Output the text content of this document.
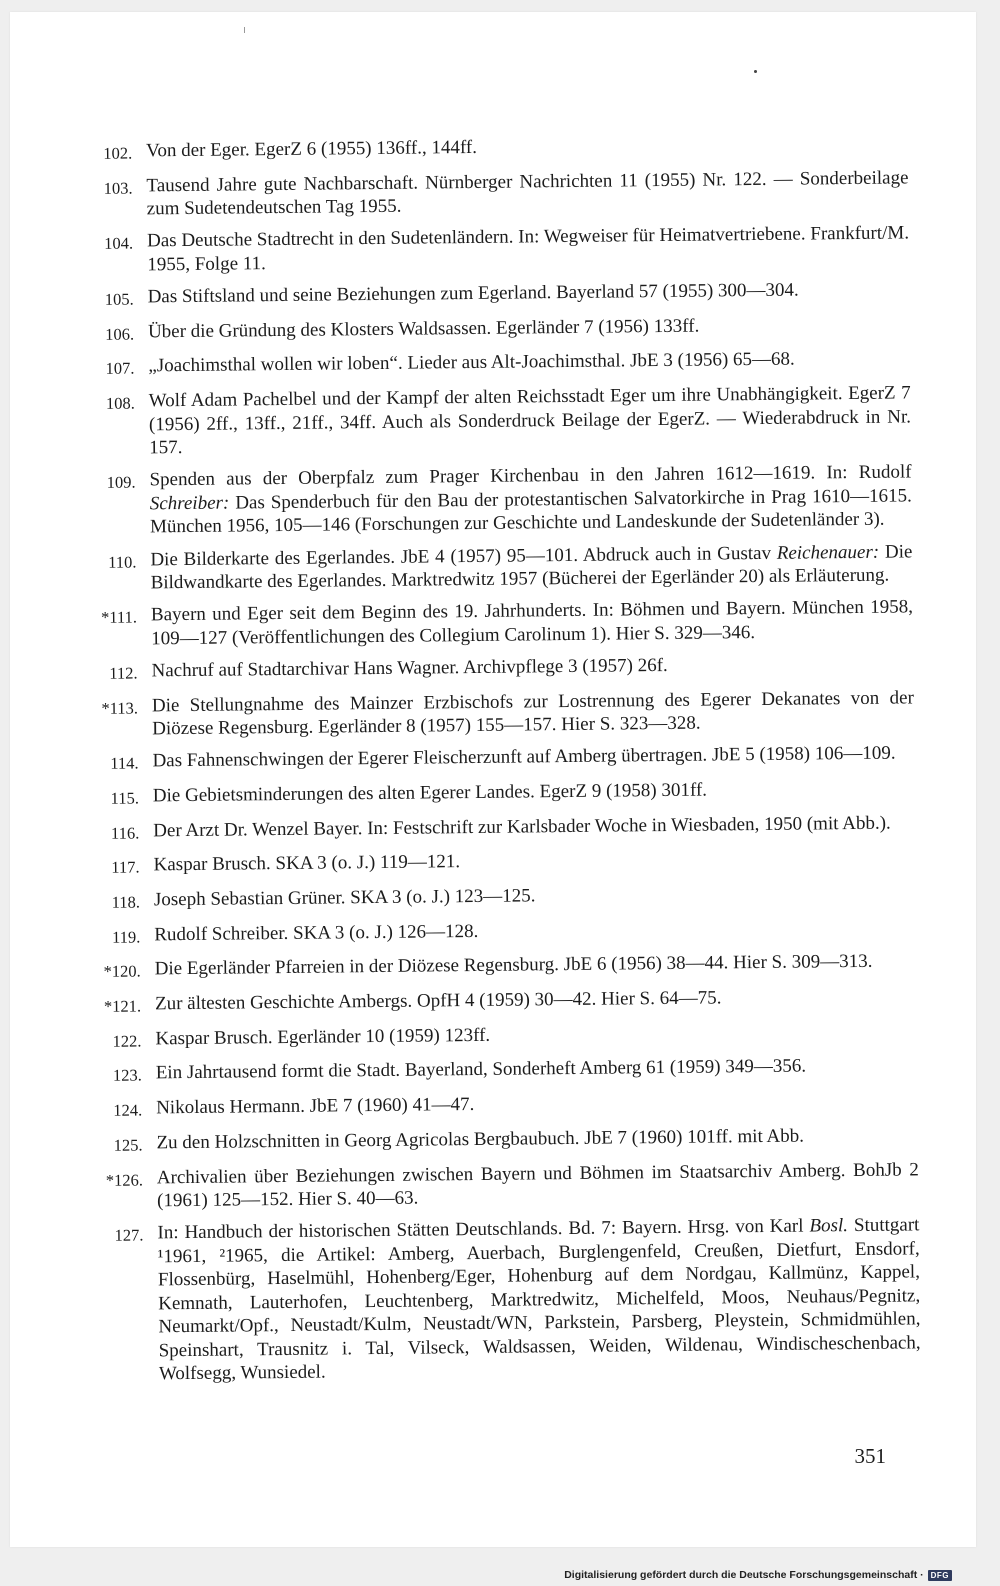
102. Von der Eger. EgerZ 6 (1955) 136ff., 144ff.
103. Tausend Jahre gute Nachbarschaft. Nürnberger Nachrichten 11 (1955) Nr. 122. — Sonderbeilage zum Sudetendeutschen Tag 1955.
104. Das Deutsche Stadtrecht in den Sudetenländern. In: Wegweiser für Heimatvertriebene. Frankfurt/M. 1955, Folge 11.
105. Das Stiftsland und seine Beziehungen zum Egerland. Bayerland 57 (1955) 300—304.
106. Über die Gründung des Klosters Waldsassen. Egerländer 7 (1956) 133ff.
107. „Joachimsthal wollen wir loben“. Lieder aus Alt-Joachimsthal. JbE 3 (1956) 65—68.
108. Wolf Adam Pachelbel und der Kampf der alten Reichsstadt Eger um ihre Unabhängigkeit. EgerZ 7 (1956) 2ff., 13ff., 21ff., 34ff. Auch als Sonderdruck Beilage der EgerZ. — Wiederabdruck in Nr. 157.
109. Spenden aus der Oberpfalz zum Prager Kirchenbau in den Jahren 1612—1619. In: Rudolf Schreiber: Das Spenderbuch für den Bau der protestantischen Salvatorkirche in Prag 1610—1615. München 1956, 105—146 (Forschungen zur Geschichte und Landeskunde der Sudetenländer 3).
110. Die Bilderkarte des Egerlandes. JbE 4 (1957) 95—101. Abdruck auch in Gustav Reichenauer: Die Bildwandkarte des Egerlandes. Marktredwitz 1957 (Bücherei der Egerländer 20) als Erläuterung.
*111. Bayern und Eger seit dem Beginn des 19. Jahrhunderts. In: Böhmen und Bayern. München 1958, 109—127 (Veröffentlichungen des Collegium Carolinum 1). Hier S. 329—346.
112. Nachruf auf Stadtarchivar Hans Wagner. Archivpflege 3 (1957) 26f.
*113. Die Stellungnahme des Mainzer Erzbischofs zur Lostrennung des Egerer Dekanates von der Diözese Regensburg. Egerländer 8 (1957) 155—157. Hier S. 323—328.
114. Das Fahnenschwingen der Egerer Fleischerzunft auf Amberg übertragen. JbE 5 (1958) 106—109.
115. Die Gebietsminderungen des alten Egerer Landes. EgerZ 9 (1958) 301ff.
116. Der Arzt Dr. Wenzel Bayer. In: Festschrift zur Karlsbader Woche in Wiesbaden, 1950 (mit Abb.).
117. Kaspar Brusch. SKA 3 (o. J.) 119—121.
118. Joseph Sebastian Grüner. SKA 3 (o. J.) 123—125.
119. Rudolf Schreiber. SKA 3 (o. J.) 126—128.
*120. Die Egerländer Pfarreien in der Diözese Regensburg. JbE 6 (1956) 38—44. Hier S. 309—313.
*121. Zur ältesten Geschichte Ambergs. OpfH 4 (1959) 30—42. Hier S. 64—75.
122. Kaspar Brusch. Egerländer 10 (1959) 123ff.
123. Ein Jahrtausend formt die Stadt. Bayerland, Sonderheft Amberg 61 (1959) 349—356.
124. Nikolaus Hermann. JbE 7 (1960) 41—47.
125. Zu den Holzschnitten in Georg Agricolas Bergbaubuch. JbE 7 (1960) 101ff. mit Abb.
*126. Archivalien über Beziehungen zwischen Bayern und Böhmen im Staatsarchiv Amberg. BohJb 2 (1961) 125—152. Hier S. 40—63.
127. In: Handbuch der historischen Stätten Deutschlands. Bd. 7: Bayern. Hrsg. von Karl Bosl. Stuttgart ¹1961, ²1965, die Artikel: Amberg, Auerbach, Burglengenfeld, Creußen, Dietfurt, Ensdorf, Flossenbürg, Haselmühl, Hohenberg/Eger, Hohenburg auf dem Nordgau, Kallmünz, Kappel, Kemnath, Lauterhofen, Leuchtenberg, Marktredwitz, Michelfeld, Moos, Neuhaus/Pegnitz, Neumarkt/Opf., Neustadt/Kulm, Neustadt/WN, Parkstein, Parsberg, Pleystein, Schmidmühlen, Speinshart, Trausnitz i. Tal, Vilseck, Waldsassen, Weiden, Wildenau, Windischeschenbach, Wolfsegg, Wunsiedel.
351
Digitalisierung gefördert durch die Deutsche Forschungsgemeinschaft · DFG
